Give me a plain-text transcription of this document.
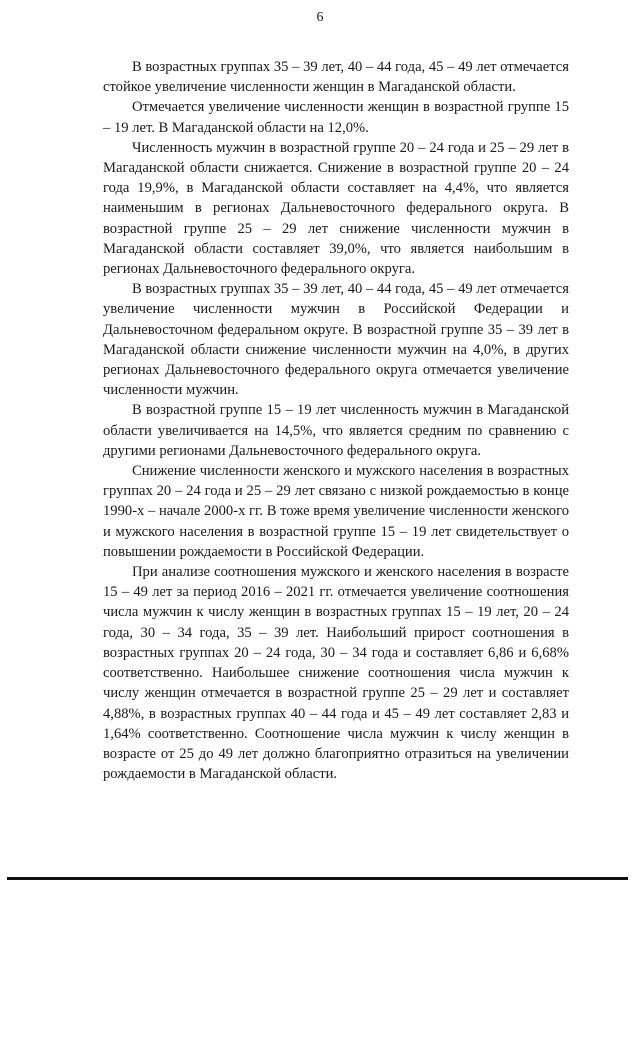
6

В возрастных группах 35 – 39 лет, 40 – 44 года, 45 – 49 лет отмечается стойкое увеличение численности женщин в Магаданской области.

Отмечается увеличение численности женщин в возрастной группе 15 – 19 лет. В Магаданской области на 12,0%.

Численность мужчин в возрастной группе 20 – 24 года и 25 – 29 лет в Магаданской области снижается. Снижение в возрастной группе 20 – 24 года 19,9%, в Магаданской области составляет на 4,4%, что является наименьшим в регионах Дальневосточного федерального округа. В возрастной группе 25 – 29 лет снижение численности мужчин в Магаданской области составляет 39,0%, что является наибольшим в регионах Дальневосточного федерального округа.

В возрастных группах 35 – 39 лет, 40 – 44 года, 45 – 49 лет отмечается увеличение численности мужчин в Российской Федерации и Дальневосточном федеральном округе. В возрастной группе 35 – 39 лет в Магаданской области снижение численности мужчин на 4,0%, в других регионах Дальневосточного федерального округа отмечается увеличение численности мужчин.

В возрастной группе 15 – 19 лет численность мужчин в Магаданской области увеличивается на 14,5%, что является средним по сравнению с другими регионами Дальневосточного федерального округа.

Снижение численности женского и мужского населения в возрастных группах 20 – 24 года и 25 – 29 лет связано с низкой рождаемостью в конце 1990-х – начале 2000-х гг. В тоже время увеличение численности женского и мужского населения в возрастной группе 15 – 19 лет свидетельствует о повышении рождаемости в Российской Федерации.

При анализе соотношения мужского и женского населения в возрасте 15 – 49 лет за период 2016 – 2021 гг. отмечается увеличение соотношения числа мужчин к числу женщин в возрастных группах 15 – 19 лет, 20 – 24 года, 30 – 34 года, 35 – 39 лет. Наибольший прирост соотношения в возрастных группах 20 – 24 года, 30 – 34 года и составляет 6,86 и 6,68% соответственно. Наибольшее снижение соотношения числа мужчин к числу женщин отмечается в возрастной группе 25 – 29 лет и составляет 4,88%, в возрастных группах 40 – 44 года и 45 – 49 лет составляет 2,83 и 1,64% соответственно. Соотношение числа мужчин к числу женщин в возрасте от 25 до 49 лет должно благоприятно отразиться на увеличении рождаемости в Магаданской области.
